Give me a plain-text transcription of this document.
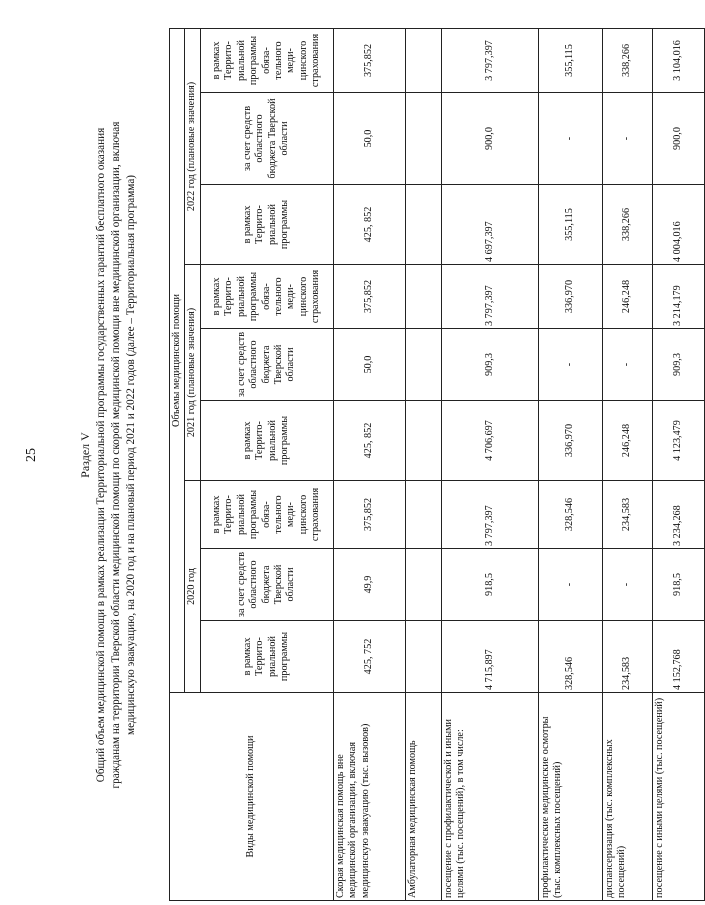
25	Раздел V Общий объем медицинской помощи в рамках реализации Территориальной программы государственных гарантий бесплатного оказания гражданам на территории Тверской области медицинской помощи по скорой медицинской помощи вне медицинской организации, включая медицинскую эвакуацию, на 2020 год и на плановый период 2021 и 2022 годов (далее – Территориальная программа)
Виды медицинской помощи	Объемы медицинской помощи								
	2020 год			2021 год (плановые значения)			2022 год (плановые значения)		
	в рамках Террито-риальной программы	за счет средств областного бюджета Тверской области	в рамках Террито-риальной программы обяза-тельного меди-цинского страхования	в рамках Террито-риальной программы	за счет средств областного бюджета Тверской области	в рамках Террито-риальной программы обяза-тельного меди-цинского страхования	в рамках Террито-риальной программы	за счет средств областного бюджета Тверской области	в рамках Террито-риальной программы обяза-тельного меди-цинского страхования
Скорая медицинская помощь вне медицинской организации, включая медицинскую эвакуацию (тыс. вызовов)	425, 752	49,9	375,852	425, 852	50,0	375,852	425, 852	50,0	375,852
Амбулаторная медицинская помощь									
посещение с профилактической и иными целями (тыс. посещений), в том числе:	4 715,897	918,5	3 797,397	4 706,697	909,3	3 797,397	4 697,397	900,0	3 797,397
профилактические медицинские осмотры (тыс. комплексных посещений)	328,546	-	328,546	336,970	-	336,970	355,115	-	355,115
диспансеризация (тыс. комплексных посещений)	234,583	-	234,583	246,248	-	246,248	338,266	-	338,266
посещение с иными целями (тыс. посещений)	4 152,768	918,5	3 234,268	4 123,479	909,3	3 214,179	4 004,016	900,0	3 104,016
